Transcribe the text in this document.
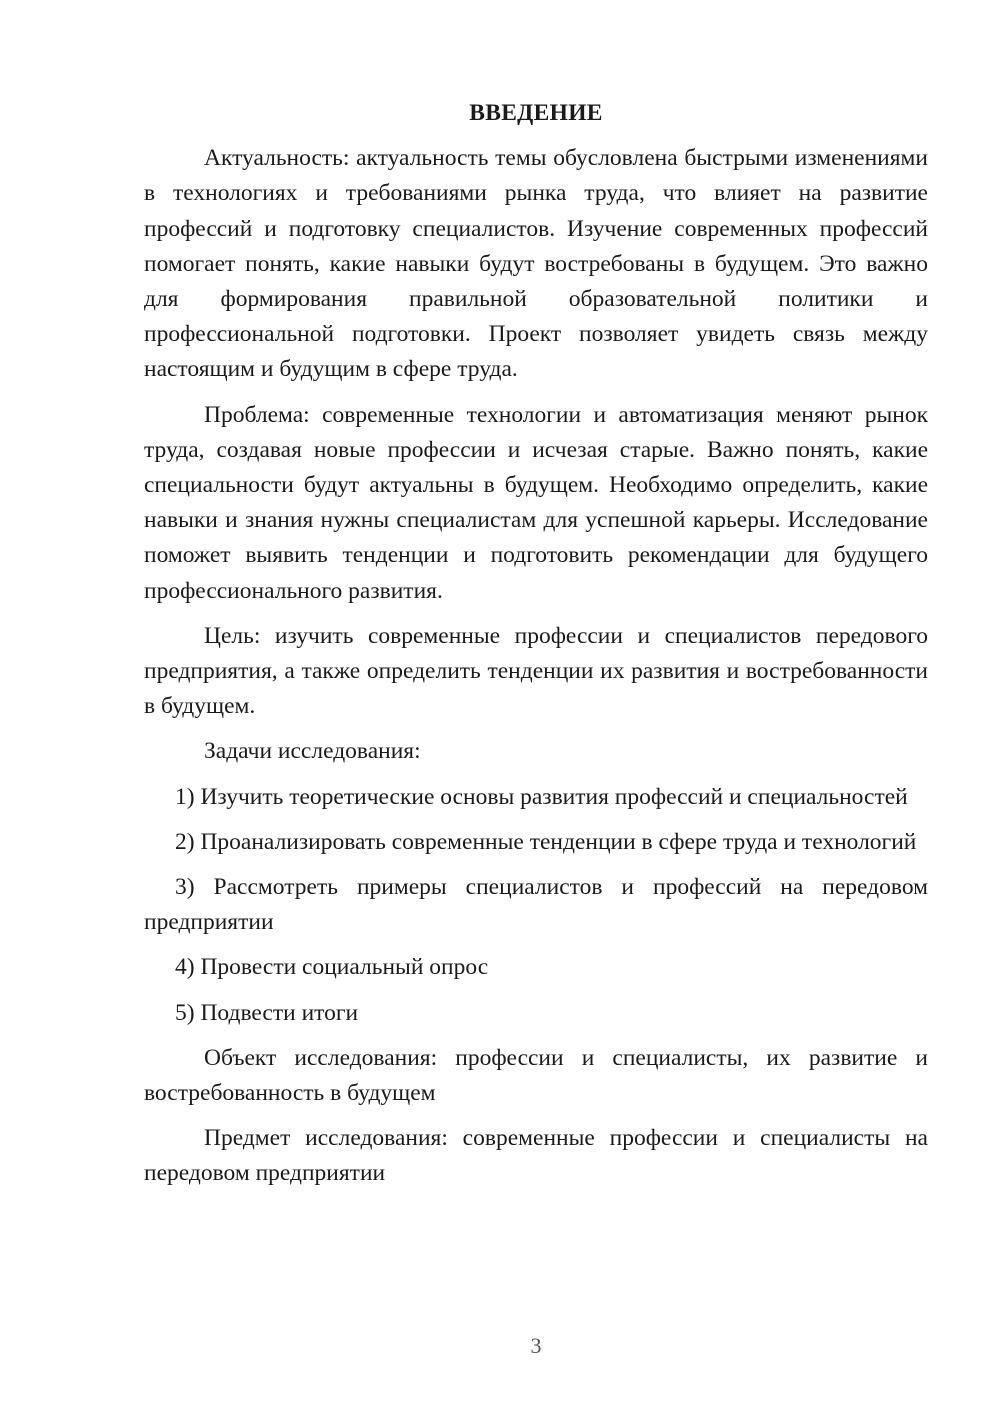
ВВЕДЕНИЕ

Актуальность: актуальность темы обусловлена быстрыми изменениями в технологиях и требованиями рынка труда, что влияет на развитие профессий и подготовку специалистов. Изучение современных профессий помогает понять, какие навыки будут востребованы в будущем. Это важно для формирования правильной образовательной политики и профессиональной подготовки. Проект позволяет увидеть связь между настоящим и будущим в сфере труда.

Проблема: современные технологии и автоматизация меняют рынок труда, создавая новые профессии и исчезая старые. Важно понять, какие специальности будут актуальны в будущем. Необходимо определить, какие навыки и знания нужны специалистам для успешной карьеры. Исследование поможет выявить тенденции и подготовить рекомендации для будущего профессионального развития.

Цель: изучить современные профессии и специалистов передового предприятия, а также определить тенденции их развития и востребованности в будущем.

Задачи исследования:

1) Изучить теоретические основы развития профессий и специальностей

2) Проанализировать современные тенденции в сфере труда и технологий

3) Рассмотреть примеры специалистов и профессий на передовом предприятии

4) Провести социальный опрос

5) Подвести итоги

Объект исследования: профессии и специалисты, их развитие и востребованность в будущем

Предмет исследования: современные профессии и специалисты на передовом предприятии

3
